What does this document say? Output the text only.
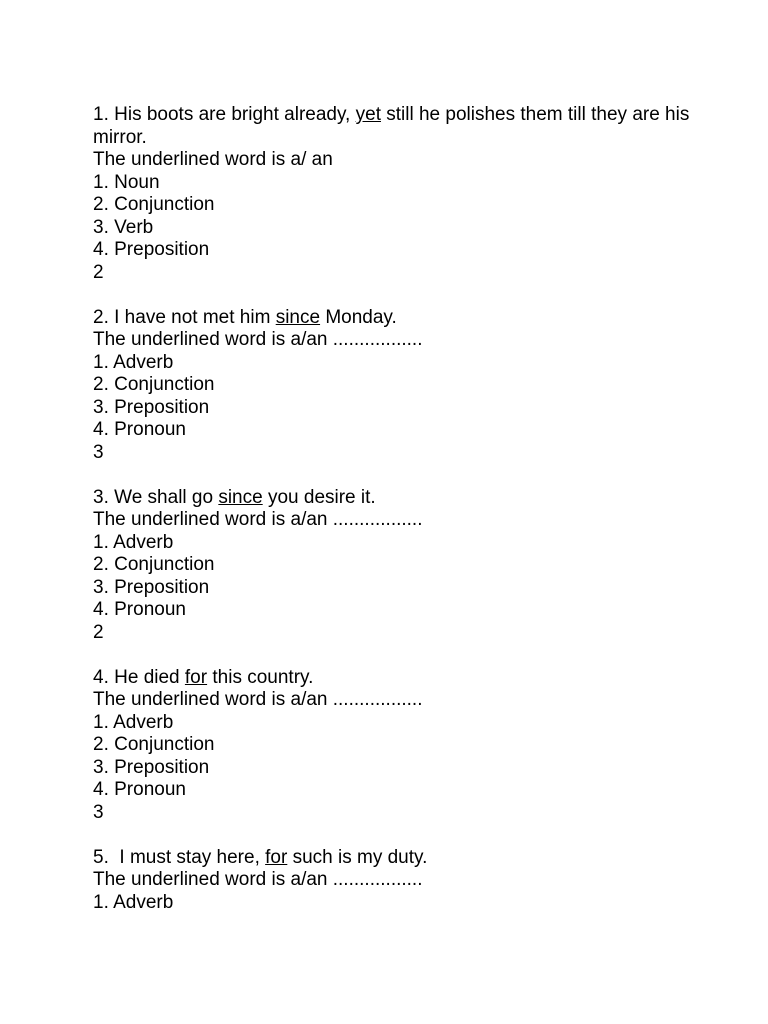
1. His boots are bright already, yet still he polishes them till they are his mirror.
The underlined word is a/ an
1. Noun
2. Conjunction
3. Verb
4. Preposition
2
2. I have not met him since Monday.
The underlined word is a/an .................
1. Adverb
2. Conjunction
3. Preposition
4. Pronoun
3
3. We shall go since you desire it.
The underlined word is a/an .................
1. Adverb
2. Conjunction
3. Preposition
4. Pronoun
2
4. He died for this country.
The underlined word is a/an .................
1. Adverb
2. Conjunction
3. Preposition
4. Pronoun
3
5.  I must stay here, for such is my duty.
The underlined word is a/an .................
1. Adverb
